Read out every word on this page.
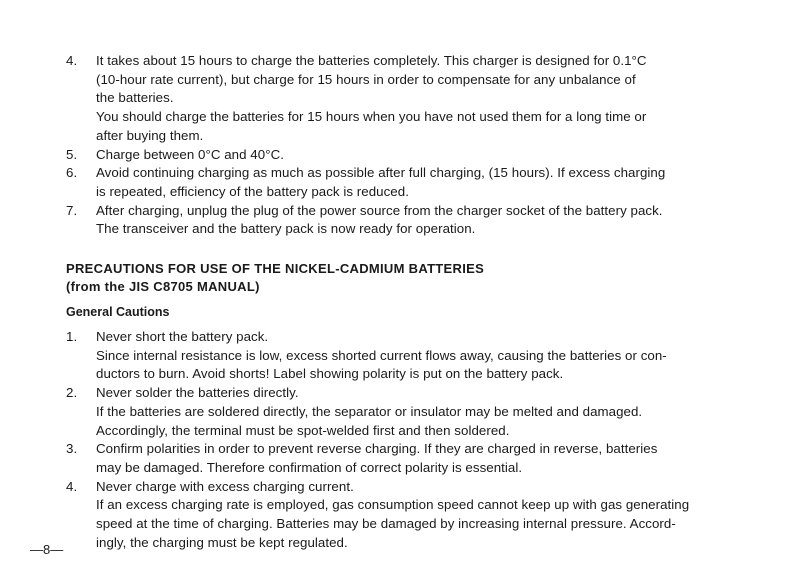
4. It takes about 15 hours to charge the batteries completely. This charger is designed for 0.1°C
(10-hour rate current), but charge for 15 hours in order to compensate for any unbalance of
the batteries.
You should charge the batteries for 15 hours when you have not used them for a long time or
after buying them.
5. Charge between 0°C and 40°C.
6. Avoid continuing charging as much as possible after full charging, (15 hours). If excess charging
is repeated, efficiency of the battery pack is reduced.
7. After charging, unplug the plug of the power source from the charger socket of the battery pack.
The transceiver and the battery pack is now ready for operation.
PRECAUTIONS FOR USE OF THE NICKEL-CADMIUM BATTERIES
(from the JIS C8705 MANUAL)
General Cautions
1. Never short the battery pack.
Since internal resistance is low, excess shorted current flows away, causing the batteries or con-
ductors to burn. Avoid shorts! Label showing polarity is put on the battery pack.
2. Never solder the batteries directly.
If the batteries are soldered directly, the separator or insulator may be melted and damaged.
Accordingly, the terminal must be spot-welded first and then soldered.
3. Confirm polarities in order to prevent reverse charging. If they are charged in reverse, batteries
may be damaged. Therefore confirmation of correct polarity is essential.
4. Never charge with excess charging current.
If an excess charging rate is employed, gas consumption speed cannot keep up with gas generating
speed at the time of charging. Batteries may be damaged by increasing internal pressure. Accord-
ingly, the charging must be kept regulated.
—8—
